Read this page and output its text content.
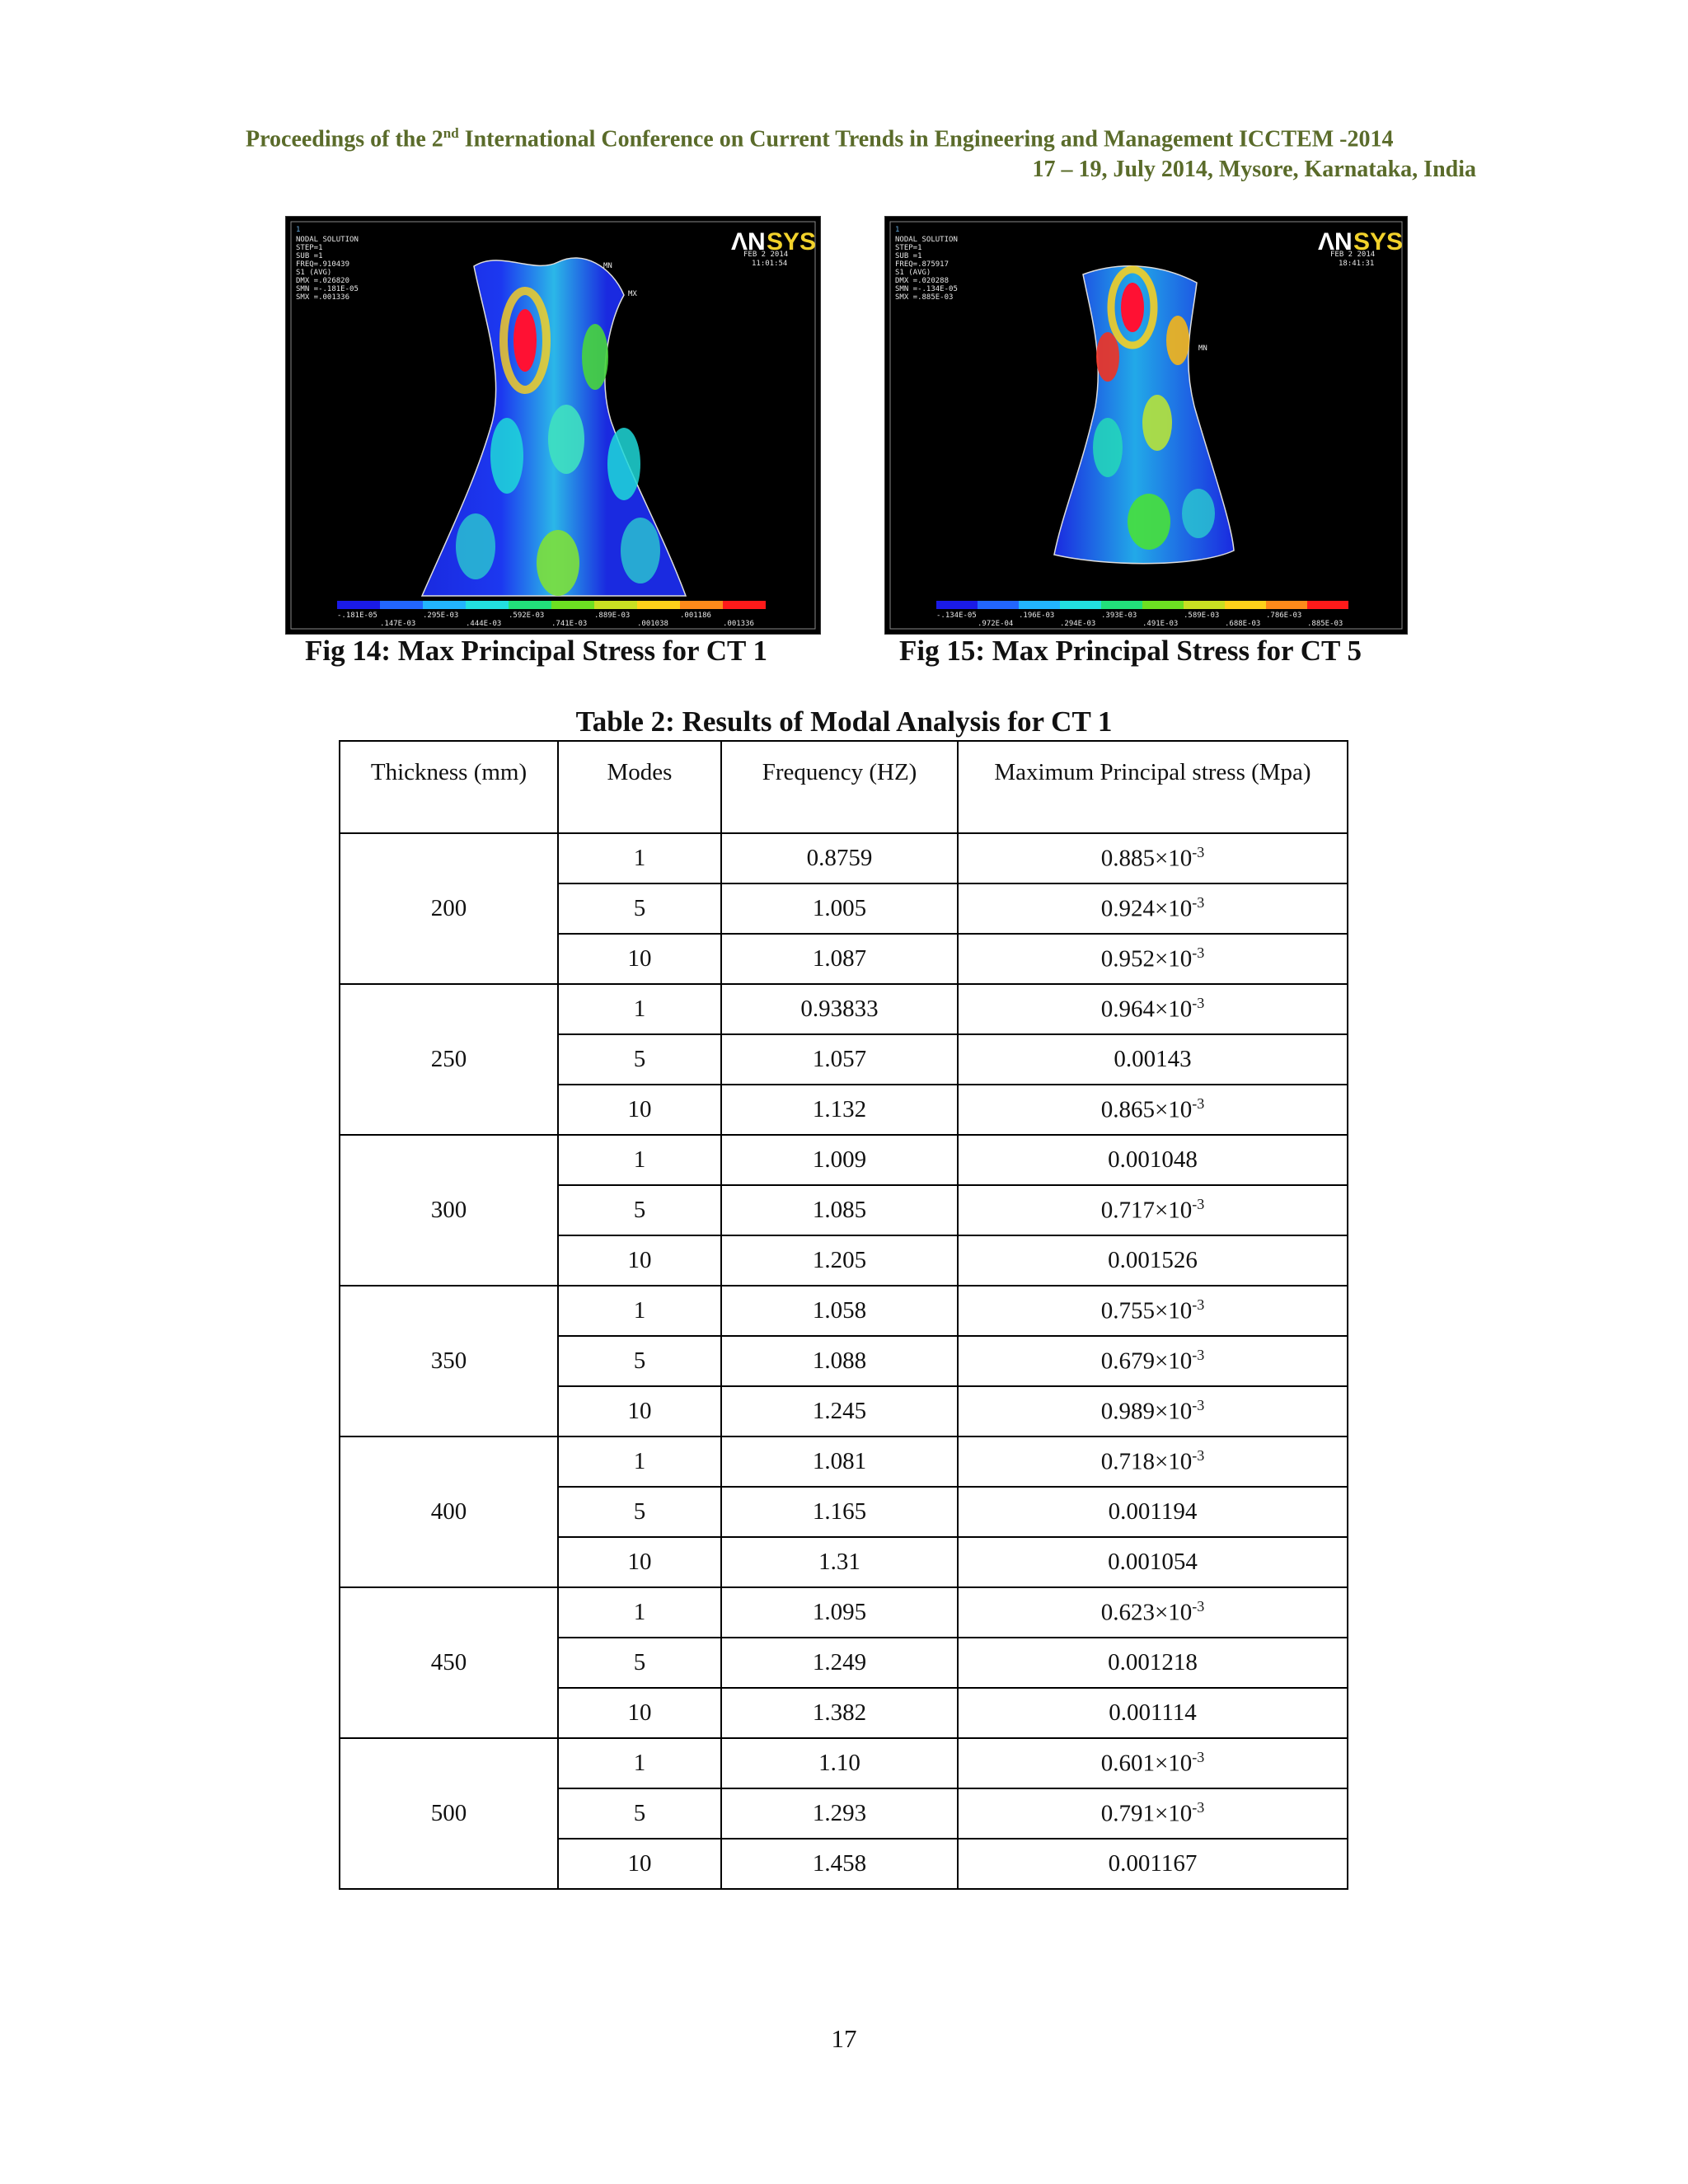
Proceedings of the 2nd International Conference on Current Trends in Engineering and Management ICCTEM -2014
17 – 19, July 2014, Mysore, Karnataka, India
1
NODAL SOLUTION
STEP=1
SUB =1
FREQ=.910439
S1 (AVG)
DMX =.026820
SMN =-.181E-05
SMX =.001336
ΛN SYS
FEB 2 2014
11:01:54
MN
MX
-.181E-05	.295E-03	.592E-03	.889E-03	.001186
.147E-03	.444E-03	.741E-03	.001038	.001336
Fig 14: Max Principal Stress for CT 1
1
NODAL SOLUTION
STEP=1
SUB =1
FREQ=.875917
S1 (AVG)
DMX =.020288
SMN =-.134E-05
SMX =.885E-03
ΛN SYS
FEB 2 2014
18:41:31
MN
-.134E-05	.196E-03	.393E-03	.589E-03	.786E-03
.972E-04	.294E-03	.491E-03	.688E-03	.885E-03
Fig 15: Max Principal Stress for CT 5
Table 2: Results of Modal Analysis for CT 1
Thickness (mm)	Modes	Frequency (HZ)	Maximum Principal stress (Mpa)
200	1	0.8759	$0.885\times 10^{-3}$
	5	1.005	$0.924\times 10^{-3}$
	10	1.087	$0.952\times 10^{-3}$
250	1	0.93833	$0.964\times 10^{-3}$
	5	1.057	0.00143
	10	1.132	$0.865\times 10^{-3}$
300	1	1.009	0.001048
	5	1.085	$0.717\times 10^{-3}$
	10	1.205	0.001526
350	1	1.058	$0.755\times 10^{-3}$
	5	1.088	$0.679\times 10^{-3}$
	10	1.245	$0.989\times 10^{-3}$
400	1	1.081	$0.718\times 10^{-3}$
	5	1.165	0.001194
	10	1.31	0.001054
450	1	1.095	$0.623\times 10^{-3}$
	5	1.249	0.001218
	10	1.382	0.001114
500	1	1.10	$0.601\times 10^{-3}$
	5	1.293	$0.791\times 10^{-3}$
	10	1.458	0.001167
17
